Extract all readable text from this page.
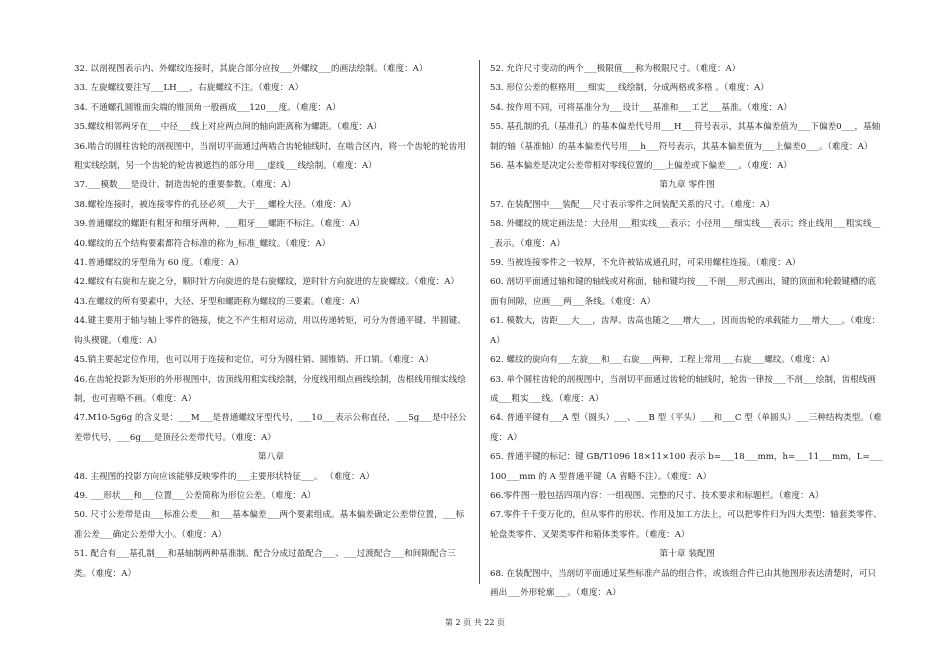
32. 以剖视图表示内、外螺纹连接时，其旋合部分应按___外螺纹___的画法绘制。（难度：A）

33. 左旋螺纹要注写___LH___，右旋螺纹不注。（难度：A）

34. 不通螺孔圆锥面尖端的锥顶角一般画成___120___度。（难度：A）

35.螺纹相邻两牙在___中径___线上对应两点间的轴向距离称为螺距。（难度：A）

36.啮合的圆柱齿轮的剖视图中，当剖切平面通过两啮合齿轮轴线时，在啮合区内，将一个齿轮的轮齿用粗实线绘制，另一个齿轮的轮齿被遮挡的部分用___虚线___线绘制。（难度：A）

37.___模数___是设计、制造齿轮的重要参数。（难度：A）

38.螺栓连接时，被连接零件的孔径必须___大于___螺栓大径。（难度：A）

39.普通螺纹的螺距有粗牙和细牙两种，___粗牙___螺距不标注。（难度：A）

40.螺纹的五个结构要素都符合标准的称为_标准_螺纹。（难度：A）

41.普通螺纹的牙型角为 60 度。（难度：A）

42.螺纹有右旋和左旋之分，顺时针方向旋进的是右旋螺纹，逆时针方向旋进的左旋螺纹。（难度：A）

43.在螺纹的所有要素中，大径、牙型和螺距称为螺纹的三要素。（难度：A）

44.键主要用于轴与轴上零件的链接，使之不产生相对运动，用以传递转矩，可分为普通平键、半圆键、钩头楔键。（难度：A）

45.销主要起定位作用，也可以用于连接和定位，可分为圆柱销、圆锥销、开口销。（难度：A）

46.在齿轮投影为矩形的外形视图中，齿顶线用粗实线绘制，分度线用细点画线绘制，齿根线用细实线绘制，也可省略不画。（难度：A）

47.M10-5g6g 的含义是：___M___是普通螺纹牙型代号，___10___表示公称直径，___5g___是中径公差带代号，___6g___是顶径公差带代号。（难度：A）

第八章

48. 主视图的投影方向应该能够反映零件的___主要形状特征___。 （难度：A）

49. ___形状___和___位置___公差简称为形位公差。（难度：A）

50. 尺寸公差带是由___标准公差___和___基本偏差___两个要素组成。基本偏差确定公差带位置，___标准公差___确定公差带大小。（难度：A）

51. 配合有___基孔制___和基轴制两种基准制。配合分成过盈配合___、___过渡配合___和间隙配合三类。（难度：A）

52. 允许尺寸变动的两个___极限值___称为极限尺寸。（难度：A）

53. 形位公差的框格用___细实___线绘制，分成两格或多格 。（难度：A）

54. 按作用不同，可将基准分为___设计___基准和___工艺___基准。（难度：A）

55. 基孔制的孔（基准孔）的基本偏差代号用___H___符号表示，其基本偏差值为___下偏差0___，基轴制的轴（基准轴）的基本偏差代号用___h___符号表示，其基本偏差值为___上偏差0___。（难度：A）

56. 基本偏差是决定公差带相对零线位置的___上偏差或下偏差___。（难度：A）

第九章 零件图

57. 在装配图中___装配___尺寸表示零件之间装配关系的尺寸。（难度：A）

58. 外螺纹的规定画法是：大径用___粗实线___表示；小径用___细实线___表示；终止线用___粗实线___表示。（难度：A）

59. 当被连接零件之一较厚，不允许被钻成通孔时，可采用螺柱连接。（难度：A）

60. 剖切平面通过轴和键的轴线或对称面，轴和键均按___不剖___形式画出，键的顶面和轮毂键槽的底面有间隙，应画___两___条线。（难度：A）

61. 模数大，齿距___大___，齿厚、齿高也随之___增大___，因而齿轮的承载能力___增大___。（难度：A）

62. 螺纹的旋向有___左旋___和___右旋___两种，工程上常用___右旋___螺纹。（难度：A）

63. 单个圆柱齿轮的剖视图中，当剖切平面通过齿轮的轴线时，轮齿一律按___不剖___绘制，齿根线画成___粗实___线。（难度：A）

64. 普通平键有___A 型（圆头）___、___B 型（平头）___和___C 型（单圆头）___三种结构类型。（难度：A）

65. 普通平键的标记：键 GB/T1096 18×11×100 表示 b=___18___mm，h=___11___mm，L=___100___mm 的 A 型普通平键（A 省略不注）。（难度：A）

66.零件图一般包括四项内容：一组视图、完整的尺寸、技术要求和标题栏。（难度：A）

67.零件千千变万化的，但从零件的形状、作用及加工方法上，可以把零件归为四大类型：轴套类零件、轮盘类零件、叉架类零件和箱体类零件。（难度：A）

第十章 装配图

68. 在装配图中，当剖切平面通过某些标准产品的组合件，或该组合件已由其他图形表达清楚时，可只画出___外形轮廓___。（难度：A）

第 2 页 共 22 页
